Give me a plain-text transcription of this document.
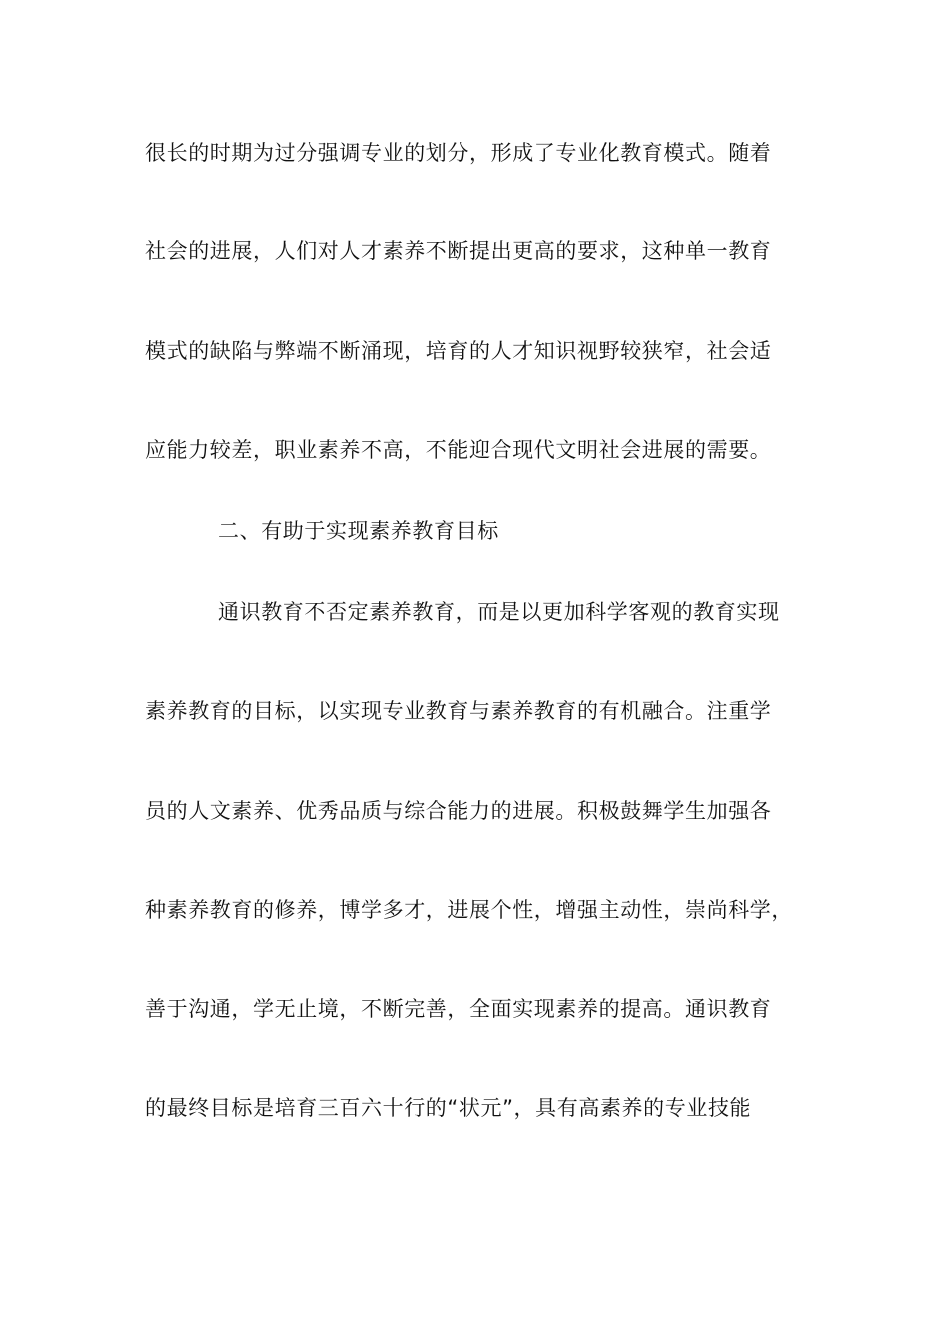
很长的时期为过分强调专业的划分，形成了专业化教育模式。随着
社会的进展，人们对人才素养不断提出更高的要求，这种单一教育
模式的缺陷与弊端不断涌现，培育的人才知识视野较狭窄，社会适
应能力较差，职业素养不高，不能迎合现代文明社会进展的需要。
二、有助于实现素养教育目标
通识教育不否定素养教育，而是以更加科学客观的教育实现
素养教育的目标，以实现专业教育与素养教育的有机融合。注重学
员的人文素养、优秀品质与综合能力的进展。积极鼓舞学生加强各
种素养教育的修养，博学多才，进展个性，增强主动性，崇尚科学，
善于沟通，学无止境，不断完善，全面实现素养的提高。通识教育
的最终目标是培育三百六十行的“状元”，具有高素养的专业技能
